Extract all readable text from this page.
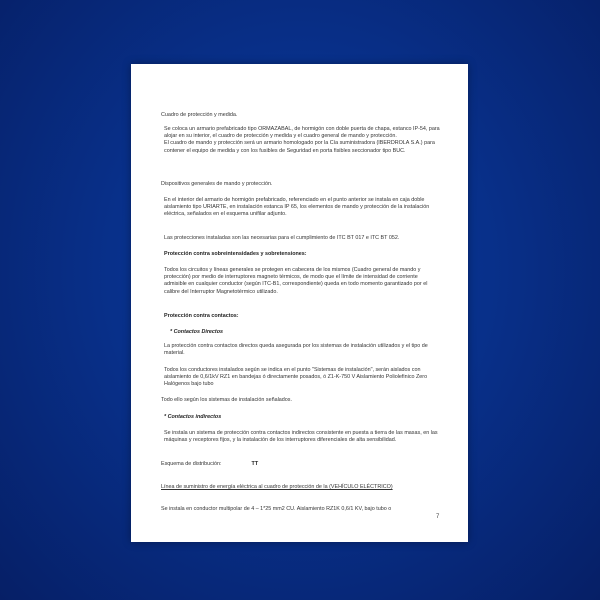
Cuadro de protección y medida.

Se coloca un armario prefabricado tipo ORMAZABAL, de hormigón con doble puerta de chapa, estanco IP-54, para alojar en su interior, el cuadro de protección y medida y el cuadro general de mando y protección.

El cuadro de mando y protección será un armario homologado por la Cía suministradora (IBERDROLA S.A.) para contener el equipo de medida y con los fusibles de Seguridad en porta fisibles seccionador tipo BUC.

Dispositivos generales de mando y protección.

En el interior del armario de hormigón prefabricado, referenciado en el punto anterior se instala en caja doble aislamiento tipo URIARTE, en instalación estanca IP 65, los elementos de mando y protección de la instalación eléctrica, señalados en el esquema unifilar adjunto.

Las protecciones instaladas son las necesarias para el cumplimiento de ITC BT 017 e ITC BT 052.

Protección contra sobreintensidades y sobretensiones:

Todos los circuitos y líneas generales se protegen en cabecera de los mismos (Cuadro general de mando y protección) por medio de interruptores magneto térmicos, de modo que el límite de intensidad de corriente admisible en cualquier conductor (según ITC-B1, correspondiente) queda en todo momento garantizado por el calibre del Interruptor Magnetotérmico utilizado.

Protección contra contactos:

* Contactos Directos

La protección contra contactos directos queda asegurada por los sistemas de instalación utilizados y el tipo de material.

Todos los conductores instalados según se indica en el punto "Sistemas de instalación", serán aislados con aislamiento de 0,6/1kV RZ1 en bandejas ó directamente posados, ó Z1-K-750 V Aislamiento Poliolefinico Zero Halógenos bajo tubo

Todo ello según los sistemas de instalación señalados.

* Contactos indirectos

Se instala un sistema de protección contra contactos indirectos consistente en puesta a tierra de las masas, en las máquinas y receptores fijos, y la instalación de los interruptores diferenciales de alta sensibilidad.

Esquema de distribución:	TT

Línea de suministro de energía eléctrica al cuadro de protección de la (VEHÍCULO ELÉCTRICO)

Se instala en conductor multipolar de 4 – 1*25 mm2 CU. Aislamiento RZ1K 0,6/1 KV, bajo tubo o

7
